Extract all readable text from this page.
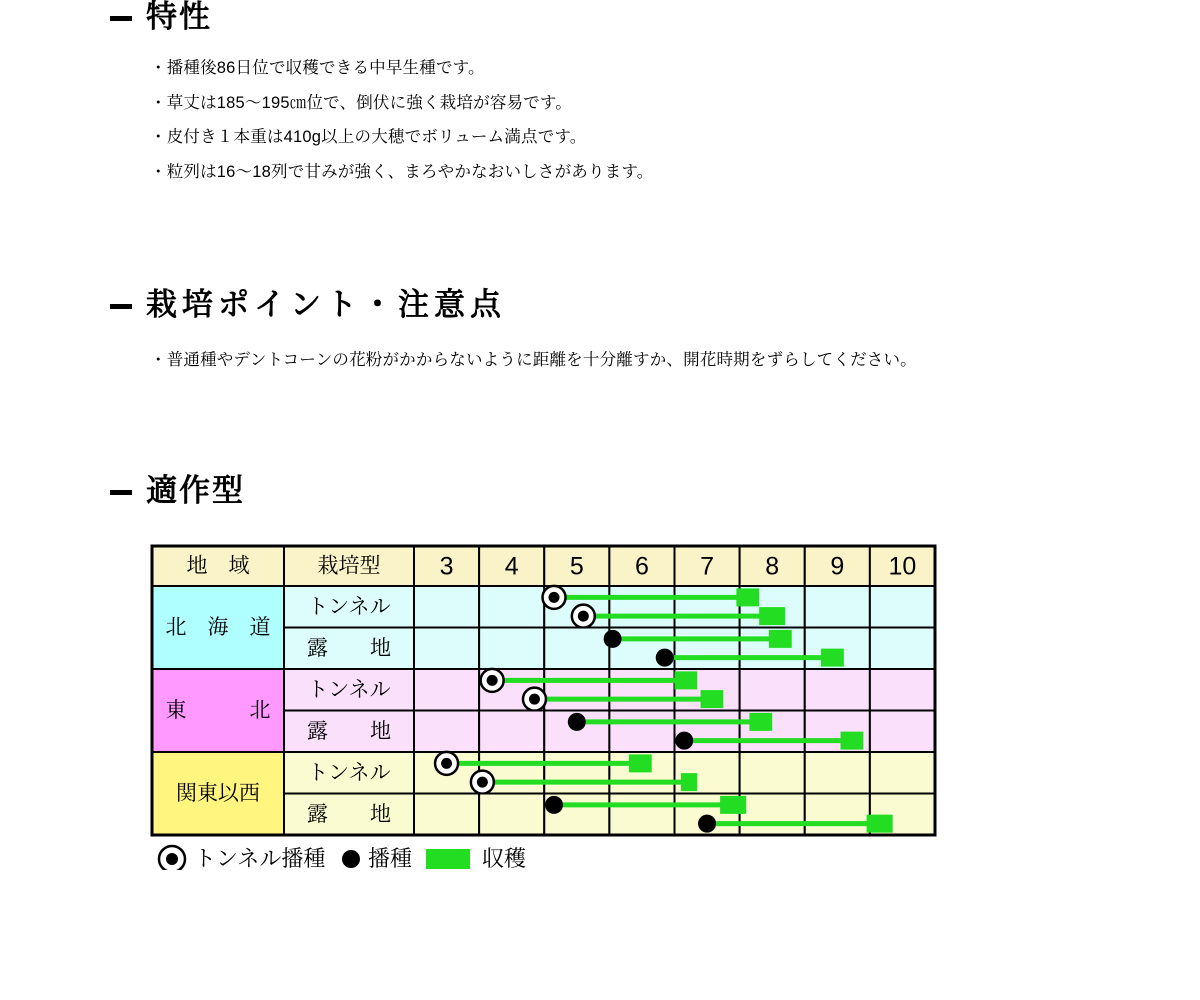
特性
・播種後86日位で収穫できる中早生種です。
・草丈は185〜195㎝位で、倒伏に強く栽培が容易です。
・皮付き１本重は410g以上の大穂でボリューム満点です。
・粒列は16〜18列で甘みが強く、まろやかなおいしさがあります。
栽培ポイント・注意点
・普通種やデントコーンの花粉がかからないように距離を十分離すか、開花時期をずらしてください。
適作型
地　域	栽培型 3 4 5 6 7 8 9 10
北　海　道
トンネル
露　　地
東　　　北
トンネル
露　　地
関東以西
トンネル
露　　地
トンネル播種 播種	収穫
